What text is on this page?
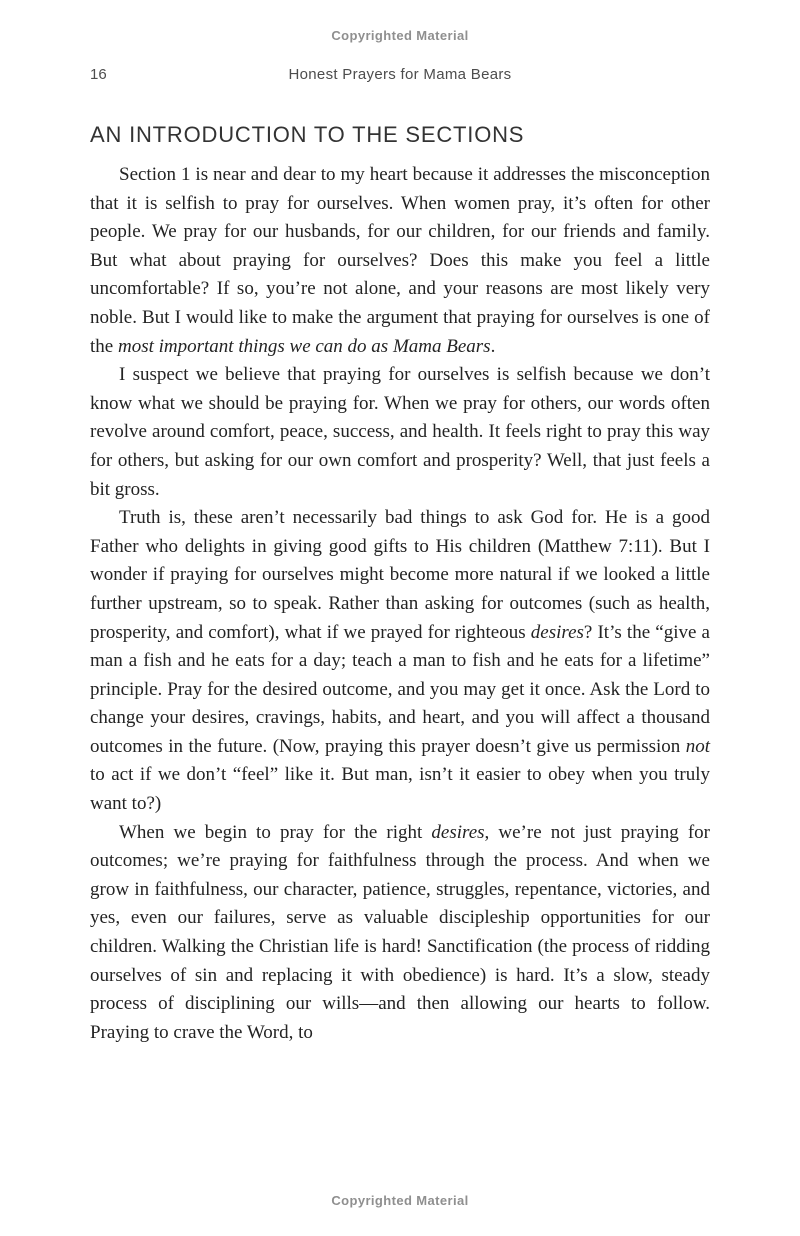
Copyrighted Material
16	Honest Prayers for Mama Bears
AN INTRODUCTION TO THE SECTIONS

Section 1 is near and dear to my heart because it addresses the misconception that it is selfish to pray for ourselves. When women pray, it’s often for other people. We pray for our husbands, for our children, for our friends and family. But what about praying for ourselves? Does this make you feel a little uncomfortable? If so, you’re not alone, and your reasons are most likely very noble. But I would like to make the argument that praying for ourselves is one of the most important things we can do as Mama Bears.

I suspect we believe that praying for ourselves is selfish because we don’t know what we should be praying for. When we pray for others, our words often revolve around comfort, peace, success, and health. It feels right to pray this way for others, but asking for our own comfort and prosperity? Well, that just feels a bit gross.

Truth is, these aren’t necessarily bad things to ask God for. He is a good Father who delights in giving good gifts to His children (Matthew 7:11). But I wonder if praying for ourselves might become more natural if we looked a little further upstream, so to speak. Rather than asking for outcomes (such as health, prosperity, and comfort), what if we prayed for righteous desires? It’s the “give a man a fish and he eats for a day; teach a man to fish and he eats for a lifetime” principle. Pray for the desired outcome, and you may get it once. Ask the Lord to change your desires, cravings, habits, and heart, and you will affect a thousand outcomes in the future. (Now, praying this prayer doesn’t give us permission not to act if we don’t “feel” like it. But man, isn’t it easier to obey when you truly want to?)

When we begin to pray for the right desires, we’re not just praying for outcomes; we’re praying for faithfulness through the process. And when we grow in faithfulness, our character, patience, struggles, repentance, victories, and yes, even our failures, serve as valuable discipleship opportunities for our children. Walking the Christian life is hard! Sanctification (the process of ridding ourselves of sin and replacing it with obedience) is hard. It’s a slow, steady process of disciplining our wills—and then allowing our hearts to follow. Praying to crave the Word, to

Copyrighted Material
